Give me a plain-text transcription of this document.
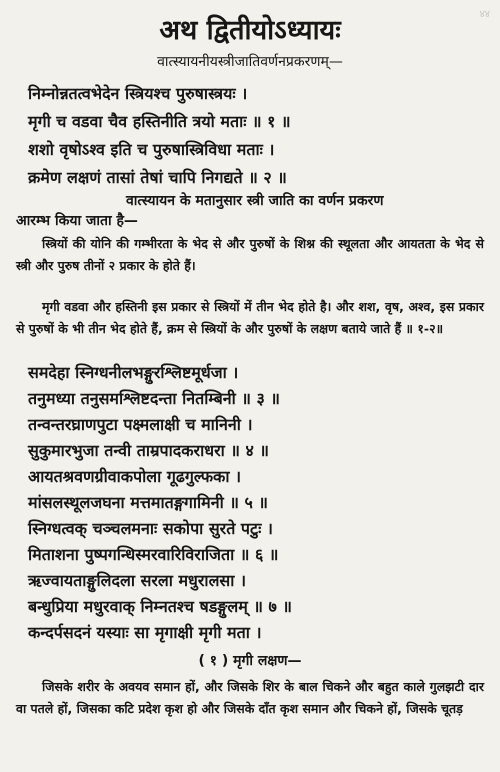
४४
अथ द्वितीयोऽध्यायः
वात्स्यायनीयस्त्रीजातिवर्णनप्रकरणम्—
निम्नोन्नतत्वभेदेन स्त्रियश्च पुरुषास्त्रयः ।
मृगी च वडवा चैव हस्तिनीति त्रयो मताः ॥ १ ॥
शशो वृषोऽश्व इति च पुरुषास्त्रिविधा मताः ।
क्रमेण लक्षणं तासां तेषां चापि निगद्यते ॥ २ ॥
वात्स्यायन के मतानुसार स्त्री जाति का वर्णन प्रकरण
आरम्भ किया जाता है—
स्त्रियों की योनि की गम्भीरता के भेद से और पुरुषों के शिश्न की स्थूलता और आयतता के भेद से स्त्री और पुरुष तीनों २ प्रकार के होते हैं।
मृगी वडवा और हस्तिनी इस प्रकार से स्त्रियों में तीन भेद होते है। और शश, वृष, अश्व, इस प्रकार से पुरुषों के भी तीन भेद होते हैं, क्रम से स्त्रियों के और पुरुषों के लक्षण बताये जाते हैं ॥ १-२॥
समदेहा स्निग्धनीलभङ्गुरश्लिष्टमूर्धजा ।
तनुमध्या तनुसमश्लिष्टदन्ता नितम्बिनी ॥ ३ ॥
तन्वन्तरघ्राणपुटा पक्ष्मलाक्षी च मानिनी ।
सुकुमारभुजा तन्वी ताम्रपादकराधरा ॥ ४ ॥
आयतश्रवणग्रीवाकपोला गूढगुल्फका ।
मांसलस्थूलजघना मत्तमातङ्गगामिनी ॥ ५ ॥
स्निग्धत्वक् चञ्चलमनाः सकोपा सुरते पटुः ।
मिताशना पुष्पगन्धिस्मरवारिविराजिता ॥ ६ ॥
ऋज्वायताङ्गुलिदला सरला मधुरालसा ।
बन्धुप्रिया मधुरवाक् निम्नतश्च षडङ्गुलम् ॥ ७ ॥
कन्दर्पसदनं यस्याः सा मृगाक्षी मृगी मता ।
( १ ) मृगी लक्षण—
जिसके शरीर के अवयव समान हों, और जिसके शिर के बाल चिकने और बहुत काले गुलझटी दार वा पतले हों, जिसका कटि प्रदेश कृश हो और जिसके दाँत कृश समान और चिकने हों, जिसके चूतड़
